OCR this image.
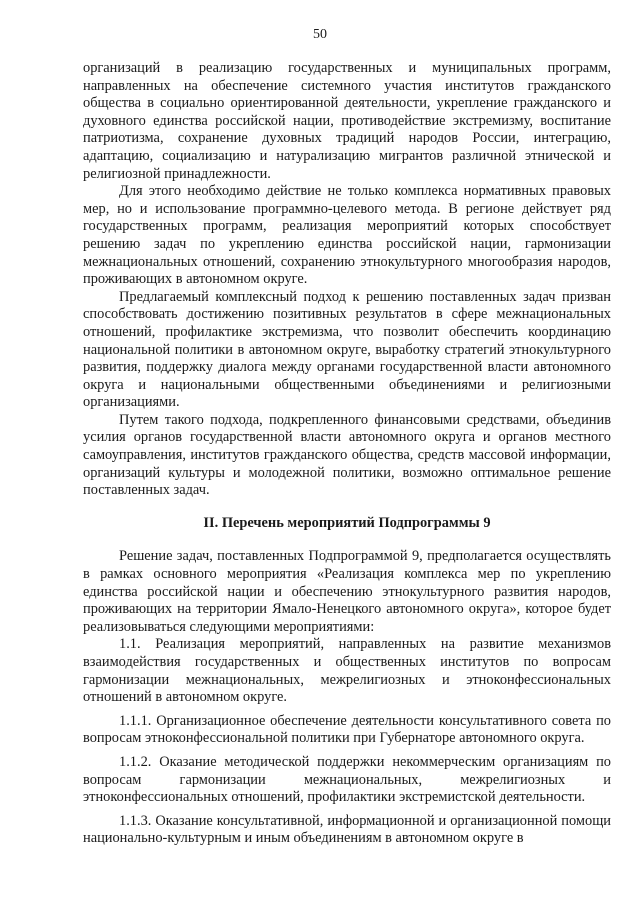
50

организаций в реализацию государственных и муниципальных программ, направленных на обеспечение системного участия институтов гражданского общества в социально ориентированной деятельности, укрепление гражданского и духовного единства российской нации, противодействие экстремизму, воспитание патриотизма, сохранение духовных традиций народов России, интеграцию, адаптацию, социализацию и натурализацию мигрантов различной этнической и религиозной принадлежности.

Для этого необходимо действие не только комплекса нормативных правовых мер, но и использование программно-целевого метода. В регионе действует ряд государственных программ, реализация мероприятий которых способствует решению задач по укреплению единства российской нации, гармонизации межнациональных отношений, сохранению этнокультурного многообразия народов, проживающих в автономном округе.

Предлагаемый комплексный подход к решению поставленных задач призван способствовать достижению позитивных результатов в сфере межнациональных отношений, профилактике экстремизма, что позволит обеспечить координацию национальной политики в автономном округе, выработку стратегий этнокультурного развития, поддержку диалога между органами государственной власти автономного округа и национальными общественными объединениями и религиозными организациями.

Путем такого подхода, подкрепленного финансовыми средствами, объединив усилия органов государственной власти автономного округа и органов местного самоуправления, институтов гражданского общества, средств массовой информации, организаций культуры и молодежной политики, возможно оптимальное решение поставленных задач.

II. Перечень мероприятий Подпрограммы 9

Решение задач, поставленных Подпрограммой 9, предполагается осуществлять в рамках основного мероприятия «Реализация комплекса мер по укреплению единства российской нации и обеспечению этнокультурного развития народов, проживающих на территории Ямало-Ненецкого автономного округа», которое будет реализовываться следующими мероприятиями:

1.1. Реализация мероприятий, направленных на развитие механизмов взаимодействия государственных и общественных институтов по вопросам гармонизации межнациональных, межрелигиозных и этноконфессиональных отношений в автономном округе.

1.1.1. Организационное обеспечение деятельности консультативного совета по вопросам этноконфессиональной политики при Губернаторе автономного округа.

1.1.2. Оказание методической поддержки некоммерческим организациям по вопросам гармонизации межнациональных, межрелигиозных и этноконфессиональных отношений, профилактики экстремистской деятельности.

1.1.3. Оказание консультативной, информационной и организационной помощи национально-культурным и иным объединениям в автономном округе в
